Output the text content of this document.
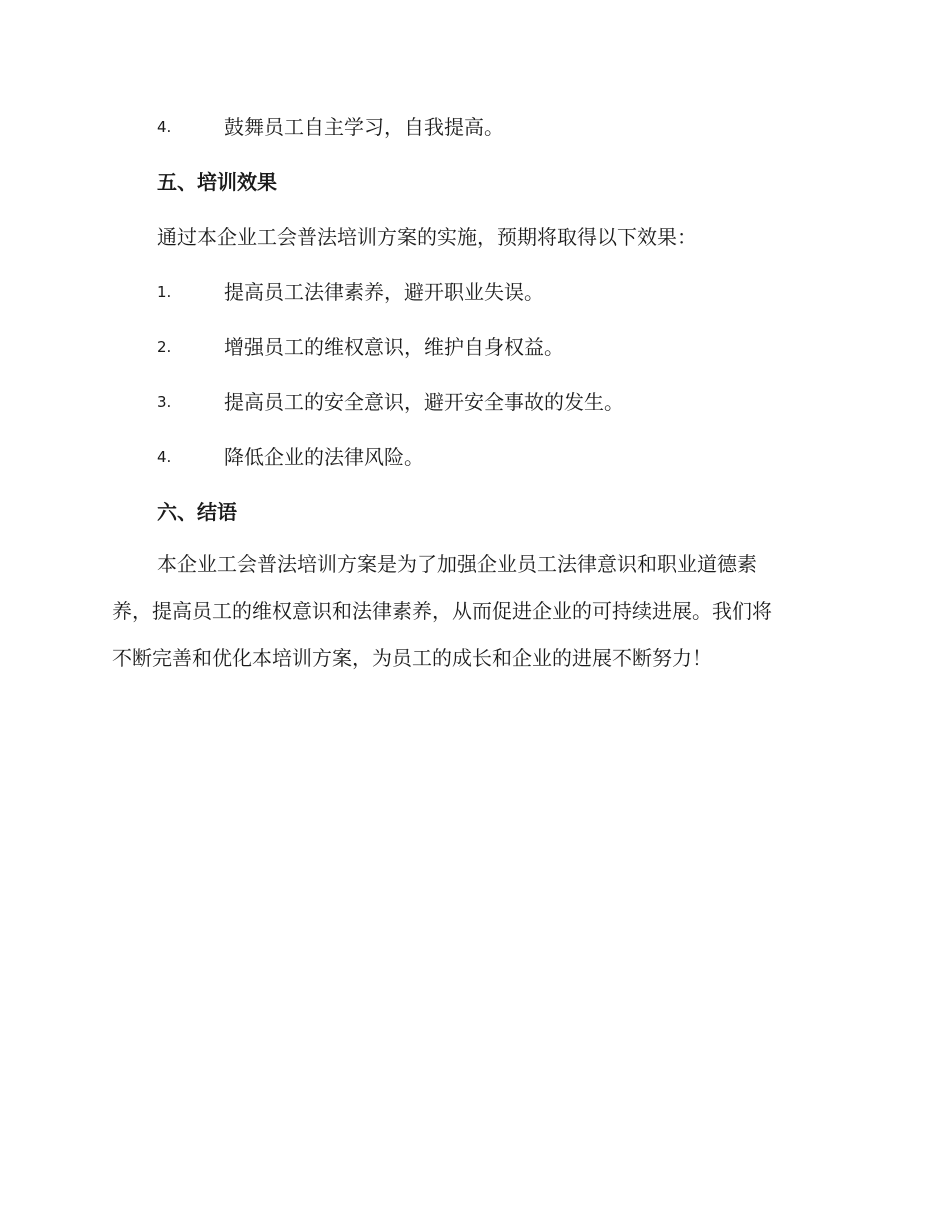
4.	鼓舞员工自主学习，自我提高。
五、培训效果
通过本企业工会普法培训方案的实施，预期将取得以下效果：
1.	提高员工法律素养，避开职业失误。
2.	增强员工的维权意识，维护自身权益。
3.	提高员工的安全意识，避开安全事故的发生。
4.	降低企业的法律风险。
六、结语
本企业工会普法培训方案是为了加强企业员工法律意识和职业道德素
养，提高员工的维权意识和法律素养，从而促进企业的可持续进展。我们将
不断完善和优化本培训方案，为员工的成长和企业的进展不断努力！
